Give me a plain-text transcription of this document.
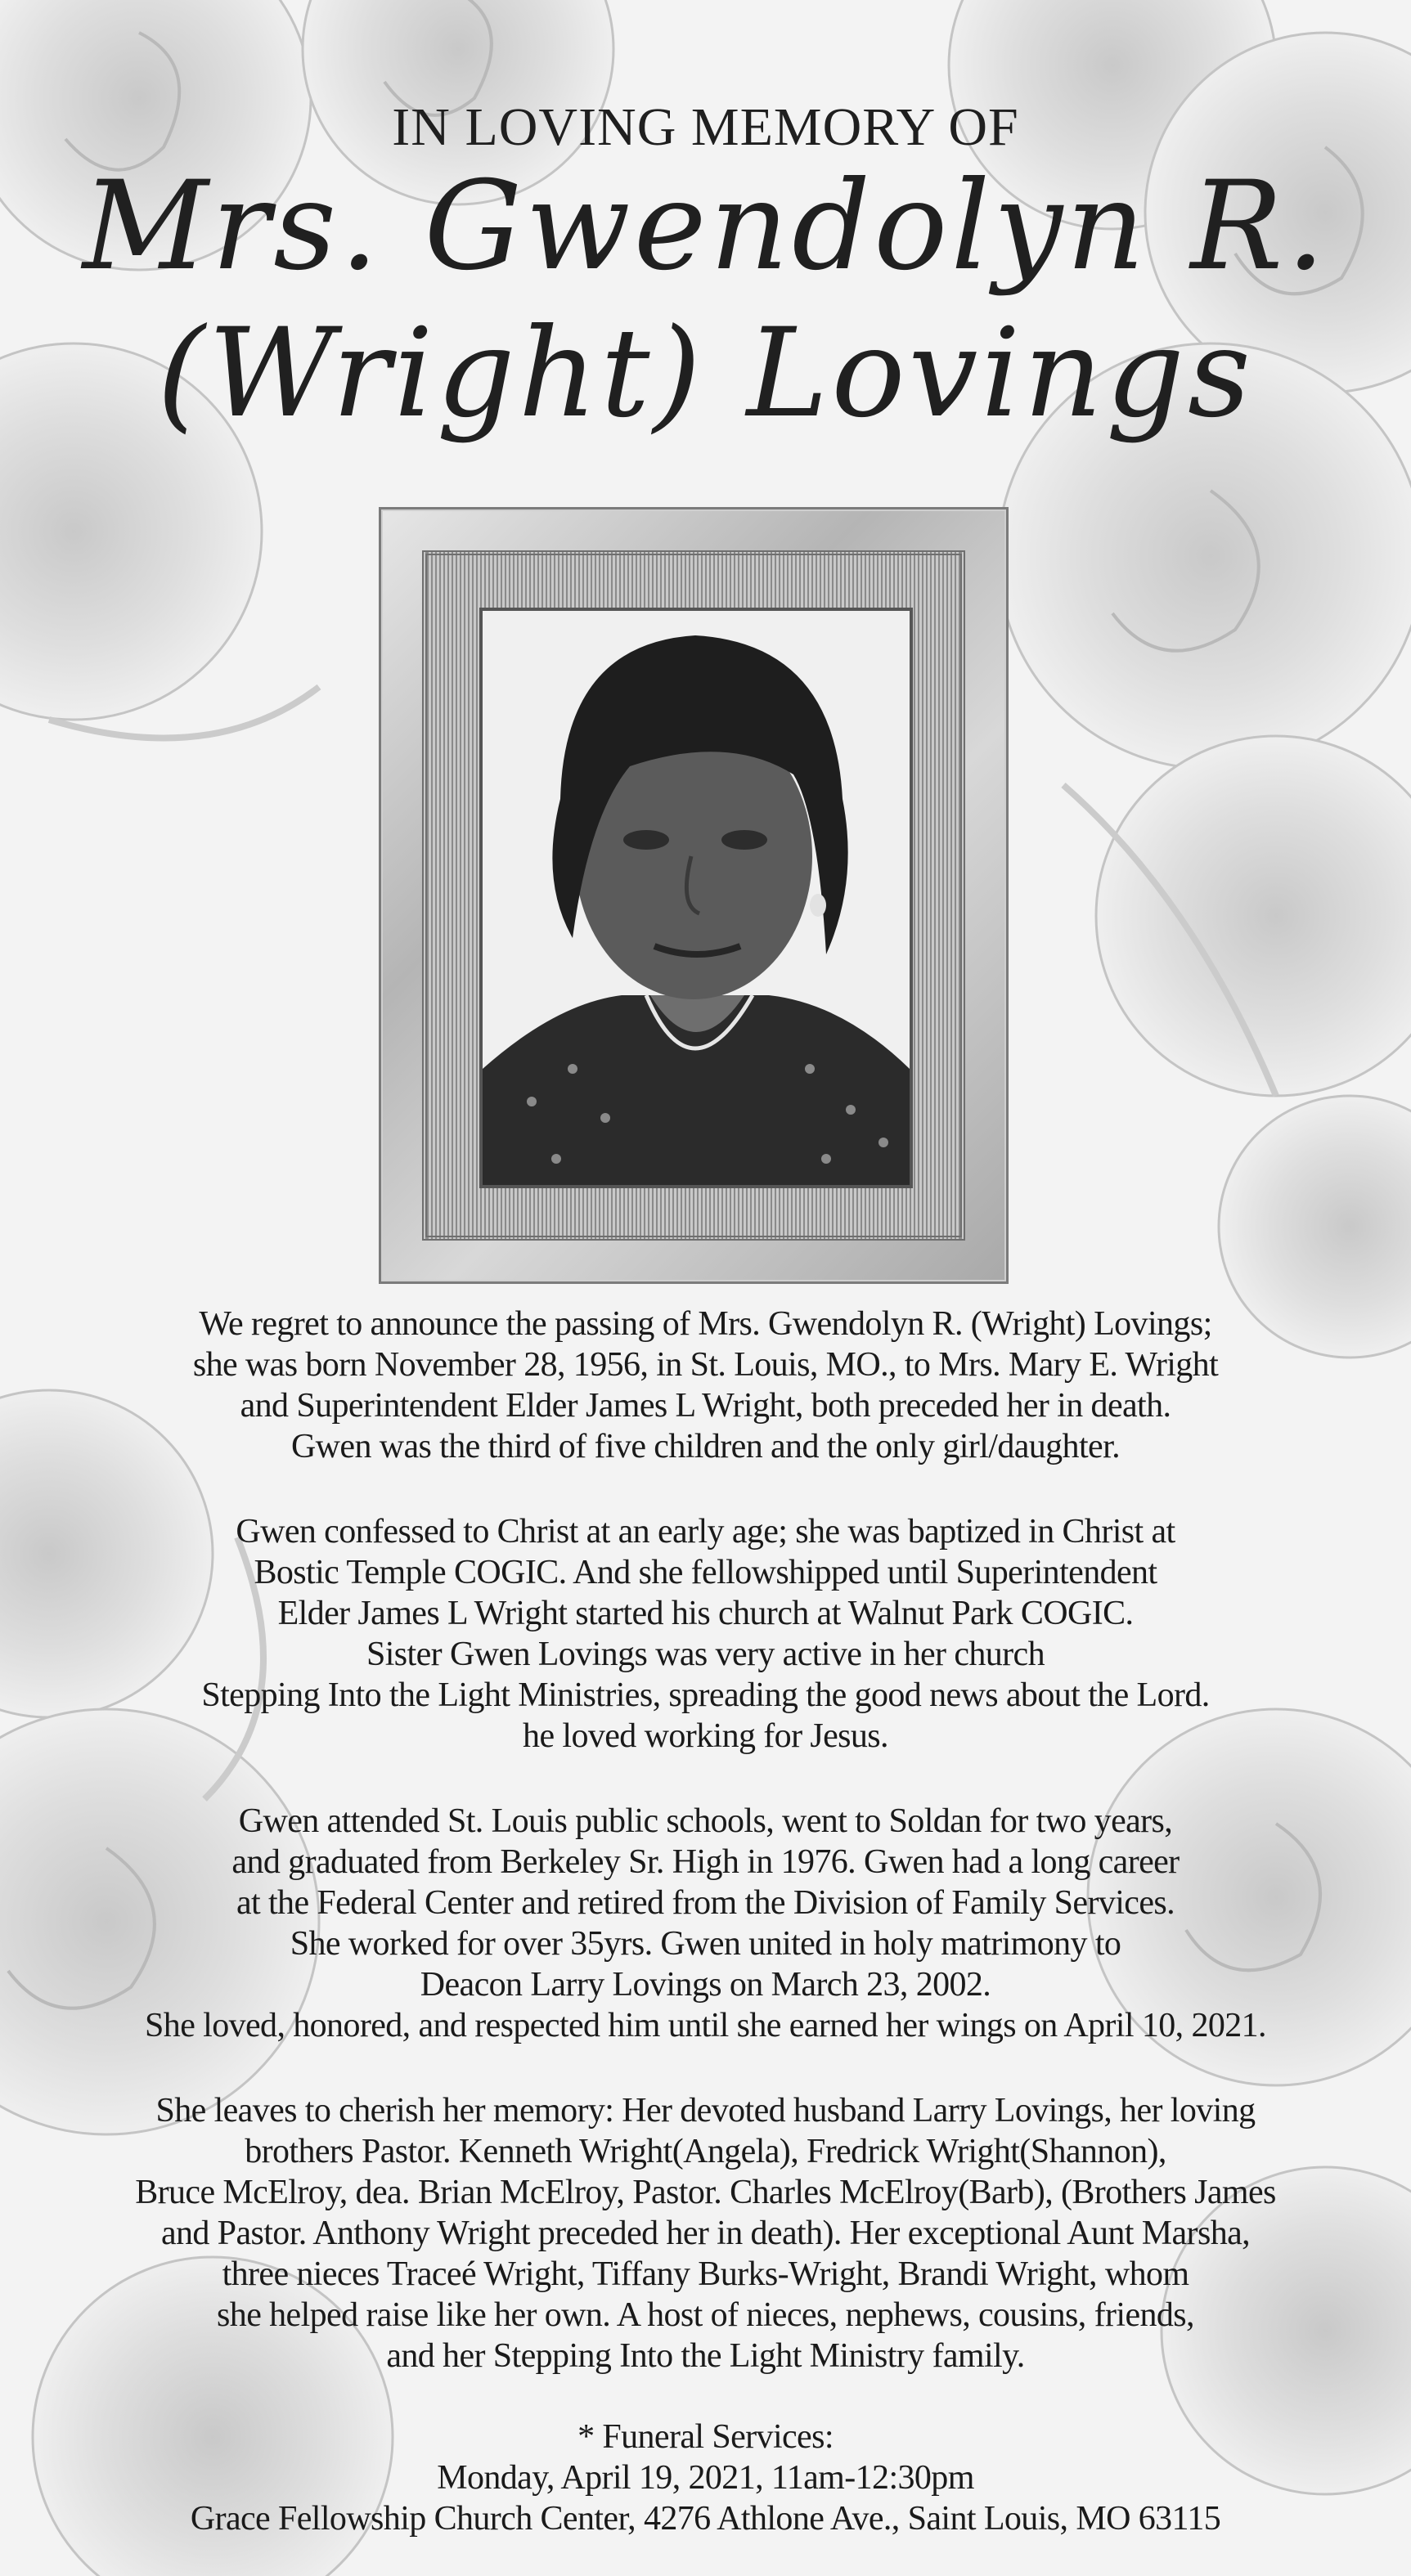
IN LOVING MEMORY OF
Mrs. Gwendolyn R.
(Wright) Lovings
We regret to announce the passing of Mrs. Gwendolyn R. (Wright) Lovings;
she was born November 28, 1956, in St. Louis, MO., to Mrs. Mary E. Wright
and Superintendent Elder James L Wright, both preceded her in death.
Gwen was the third of five children and the only girl/daughter.
Gwen confessed to Christ at an early age; she was baptized in Christ at
Bostic Temple COGIC. And she fellowshipped until Superintendent
Elder James L Wright started his church at Walnut Park COGIC.
Sister Gwen Lovings was very active in her church
Stepping Into the Light Ministries, spreading the good news about the Lord.
he loved working for Jesus.
Gwen attended St. Louis public schools, went to Soldan for two years,
and graduated from Berkeley Sr. High in 1976. Gwen had a long career
at the Federal Center and retired from the Division of Family Services.
She worked for over 35yrs. Gwen united in holy matrimony to
Deacon Larry Lovings on March 23, 2002.
She loved, honored, and respected him until she earned her wings on April 10, 2021.
She leaves to cherish her memory: Her devoted husband Larry Lovings, her loving
brothers Pastor. Kenneth Wright(Angela), Fredrick Wright(Shannon),
Bruce McElroy, dea. Brian McElroy, Pastor. Charles McElroy(Barb), (Brothers James
and Pastor. Anthony Wright preceded her in death). Her exceptional Aunt Marsha,
three nieces Traceé Wright, Tiffany Burks-Wright, Brandi Wright, whom
she helped raise like her own. A host of nieces, nephews, cousins, friends,
and her Stepping Into the Light Ministry family.
* Funeral Services:
Monday, April 19, 2021, 11am-12:30pm
Grace Fellowship Church Center, 4276 Athlone Ave., Saint Louis, MO 63115
